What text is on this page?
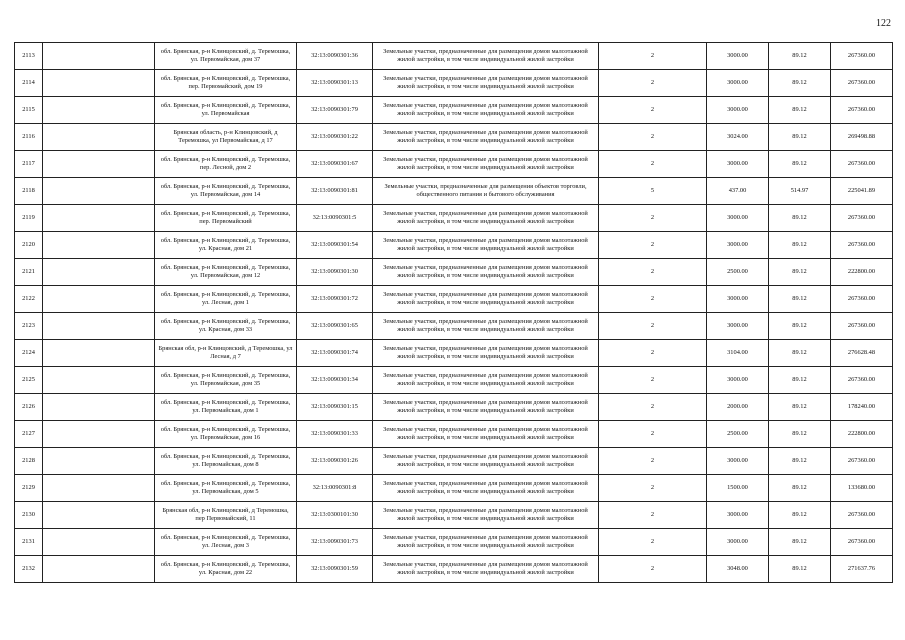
122
2113		обл. Брянская, р-н Клинцовский, д. Теремошка, ул. Первомайская, дом 37	32:13:0090301:36	Земельные участки, предназначенные для размещения домов малоэтажной жилой застройки, в том числе индивидуальной жилой застройки	2	3000.00	89.12	267360.00
2114		обл. Брянская, р-н Клинцовский, д. Теремошка, пер. Первомайский, дом 19	32:13:0090301:13	Земельные участки, предназначенные для размещения домов малоэтажной жилой застройки, в том числе индивидуальной жилой застройки	2	3000.00	89.12	267360.00
2115		обл. Брянская, р-н Клинцовский, д. Теремошка, ул. Первомайская	32:13:0090301:79	Земельные участки, предназначенные для размещения домов малоэтажной жилой застройки, в том числе индивидуальной жилой застройки	2	3000.00	89.12	267360.00
2116		Брянская область, р-н Клинцовский, д Теремошка, ул Первомайская, д 17	32:13:0090301:22	Земельные участки, предназначенные для размещения домов малоэтажной жилой застройки, в том числе индивидуальной жилой застройки	2	3024.00	89.12	269498.88
2117		обл. Брянская, р-н Клинцовский, д. Теремошка, пер. Лесной, дом 2	32:13:0090301:67	Земельные участки, предназначенные для размещения домов малоэтажной жилой застройки, в том числе индивидуальной жилой застройки	2	3000.00	89.12	267360.00
2118		обл. Брянская, р-н Клинцовский, д. Теремошка, ул. Первомайская, дом 14	32:13:0090301:81	Земельные участки, предназначенные для размещения объектов торговли, общественного питания и бытового обслуживания	5	437.00	514.97	225041.89
2119		обл. Брянская, р-н Клинцовский, д. Теремошка, пер. Первомайский	32:13:0090301:5	Земельные участки, предназначенные для размещения домов малоэтажной жилой застройки, в том числе индивидуальной жилой застройки	2	3000.00	89.12	267360.00
2120		обл. Брянская, р-н Клинцовский, д. Теремошка, ул. Красная, дом 21	32:13:0090301:54	Земельные участки, предназначенные для размещения домов малоэтажной жилой застройки, в том числе индивидуальной жилой застройки	2	3000.00	89.12	267360.00
2121		обл. Брянская, р-н Клинцовский, д. Теремошка, ул. Первомайская, дом 12	32:13:0090301:30	Земельные участки, предназначенные для размещения домов малоэтажной жилой застройки, в том числе индивидуальной жилой застройки	2	2500.00	89.12	222800.00
2122		обл. Брянская, р-н Клинцовский, д. Теремошка, ул. Лесная, дом 1	32:13:0090301:72	Земельные участки, предназначенные для размещения домов малоэтажной жилой застройки, в том числе индивидуальной жилой застройки	2	3000.00	89.12	267360.00
2123		обл. Брянская, р-н Клинцовский, д. Теремошка, ул. Красная, дом 33	32:13:0090301:65	Земельные участки, предназначенные для размещения домов малоэтажной жилой застройки, в том числе индивидуальной жилой застройки	2	3000.00	89.12	267360.00
2124		Брянская обл, р-н Клинцовский, д Теремошка, ул Лесная, д 7	32:13:0090301:74	Земельные участки, предназначенные для размещения домов малоэтажной жилой застройки, в том числе индивидуальной жилой застройки	2	3104.00	89.12	276628.48
2125		обл. Брянская, р-н Клинцовский, д. Теремошка, ул. Первомайская, дом 35	32:13:0090301:34	Земельные участки, предназначенные для размещения домов малоэтажной жилой застройки, в том числе индивидуальной жилой застройки	2	3000.00	89.12	267360.00
2126		обл. Брянская, р-н Клинцовский, д. Теремошка, ул. Первомайская, дом 1	32:13:0090301:15	Земельные участки, предназначенные для размещения домов малоэтажной жилой застройки, в том числе индивидуальной жилой застройки	2	2000.00	89.12	178240.00
2127		обл. Брянская, р-н Клинцовский, д. Теремошка, ул. Первомайская, дом 16	32:13:0090301:33	Земельные участки, предназначенные для размещения домов малоэтажной жилой застройки, в том числе индивидуальной жилой застройки	2	2500.00	89.12	222800.00
2128		обл. Брянская, р-н Клинцовский, д. Теремошка, ул. Первомайская, дом 8	32:13:0090301:26	Земельные участки, предназначенные для размещения домов малоэтажной жилой застройки, в том числе индивидуальной жилой застройки	2	3000.00	89.12	267360.00
2129		обл. Брянская, р-н Клинцовский, д. Теремошка, ул. Первомайская, дом 5	32:13:0090301:8	Земельные участки, предназначенные для размещения домов малоэтажной жилой застройки, в том числе индивидуальной жилой застройки	2	1500.00	89.12	133680.00
2130		Брянская обл, р-н Клинцовский, д Теремошка, пер Первомайский, 11	32:13:0300101:30	Земельные участки, предназначенные для размещения домов малоэтажной жилой застройки, в том числе индивидуальной жилой застройки	2	3000.00	89.12	267360.00
2131		обл. Брянская, р-н Клинцовский, д. Теремошка, ул. Лесная, дом 3	32:13:0090301:73	Земельные участки, предназначенные для размещения домов малоэтажной жилой застройки, в том числе индивидуальной жилой застройки	2	3000.00	89.12	267360.00
2132		обл. Брянская, р-н Клинцовский, д. Теремошка, ул. Красная, дом 22	32:13:0090301:59	Земельные участки, предназначенные для размещения домов малоэтажной жилой застройки, в том числе индивидуальной жилой застройки	2	3048.00	89.12	271637.76
